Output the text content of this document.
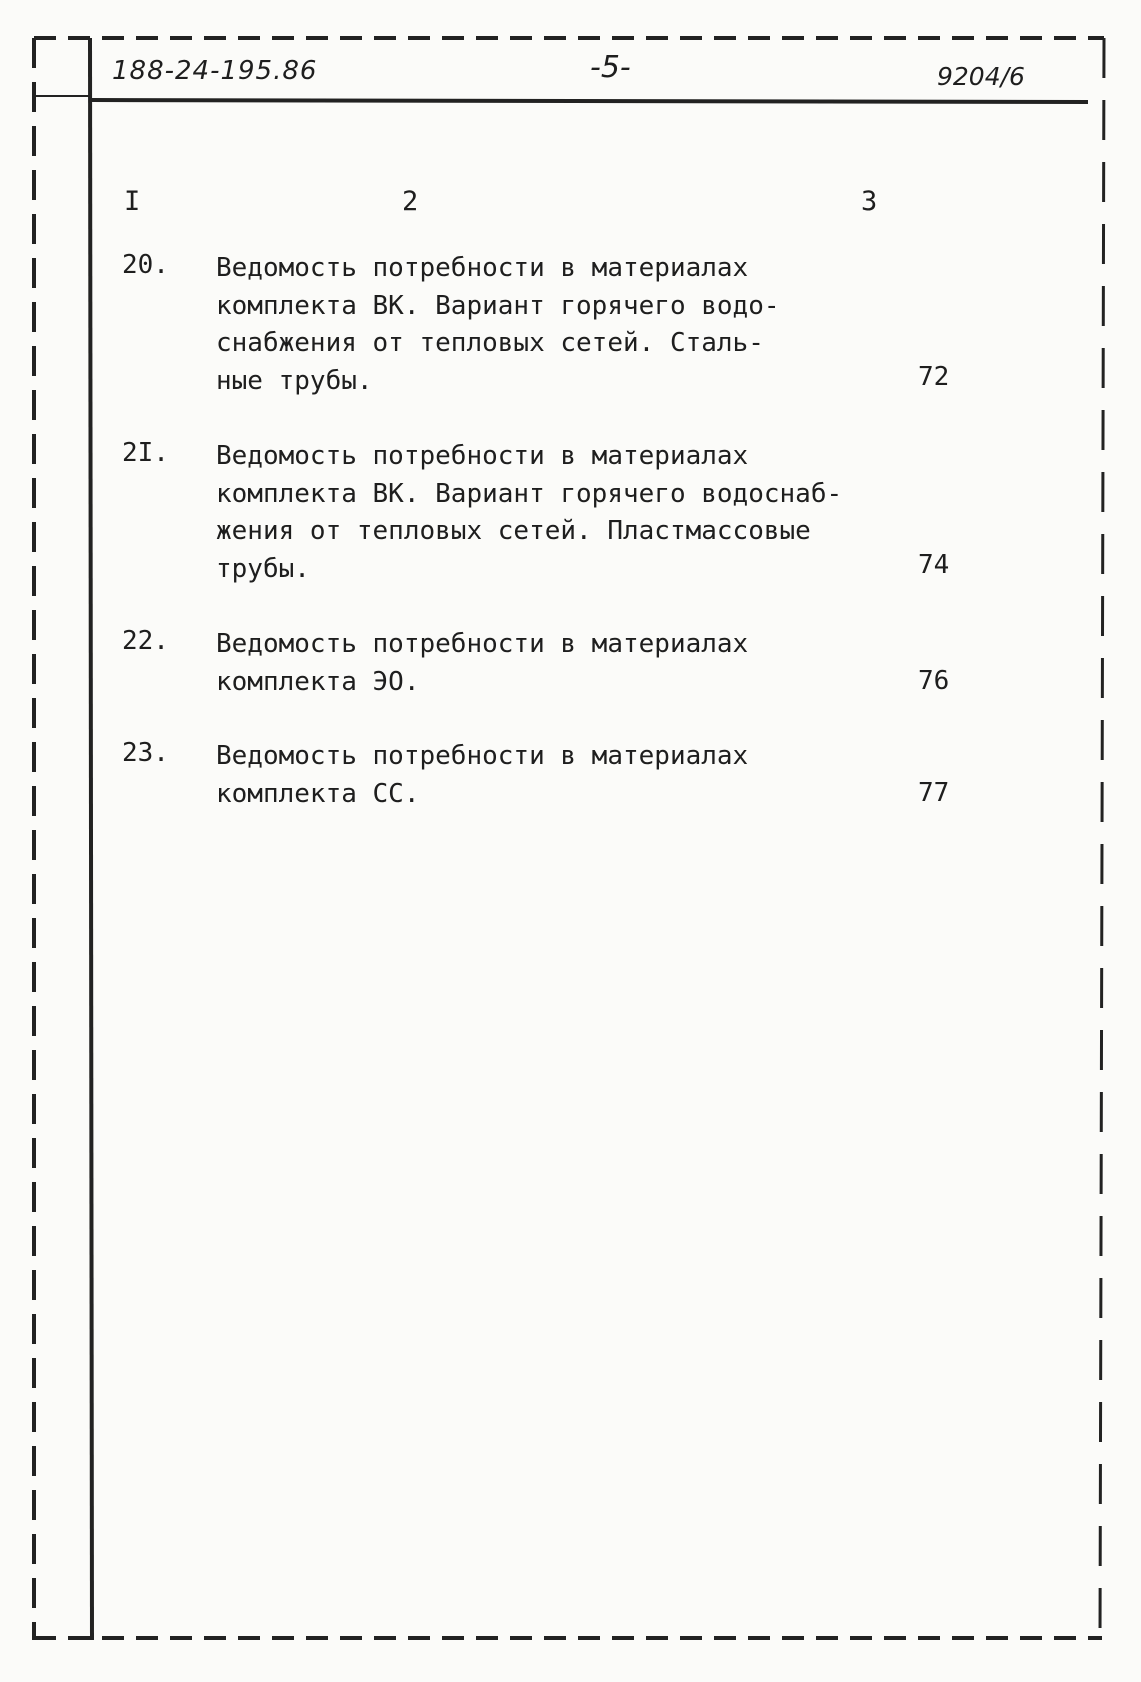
188-24-195.86	-5-	9204/6
I	2	3
20. Ведомость потребности в материалах
комплекта ВК. Вариант горячего водо-
снабжения от тепловых сетей. Сталь-
ные трубы.	72
2I. Ведомость потребности в материалах
комплекта ВК. Вариант горячего водоснаб-
жения от тепловых сетей. Пластмассовые
трубы.	74
22. Ведомость потребности в материалах
комплекта ЭО.	76
23. Ведомость потребности в материалах
комплекта СС.	77
